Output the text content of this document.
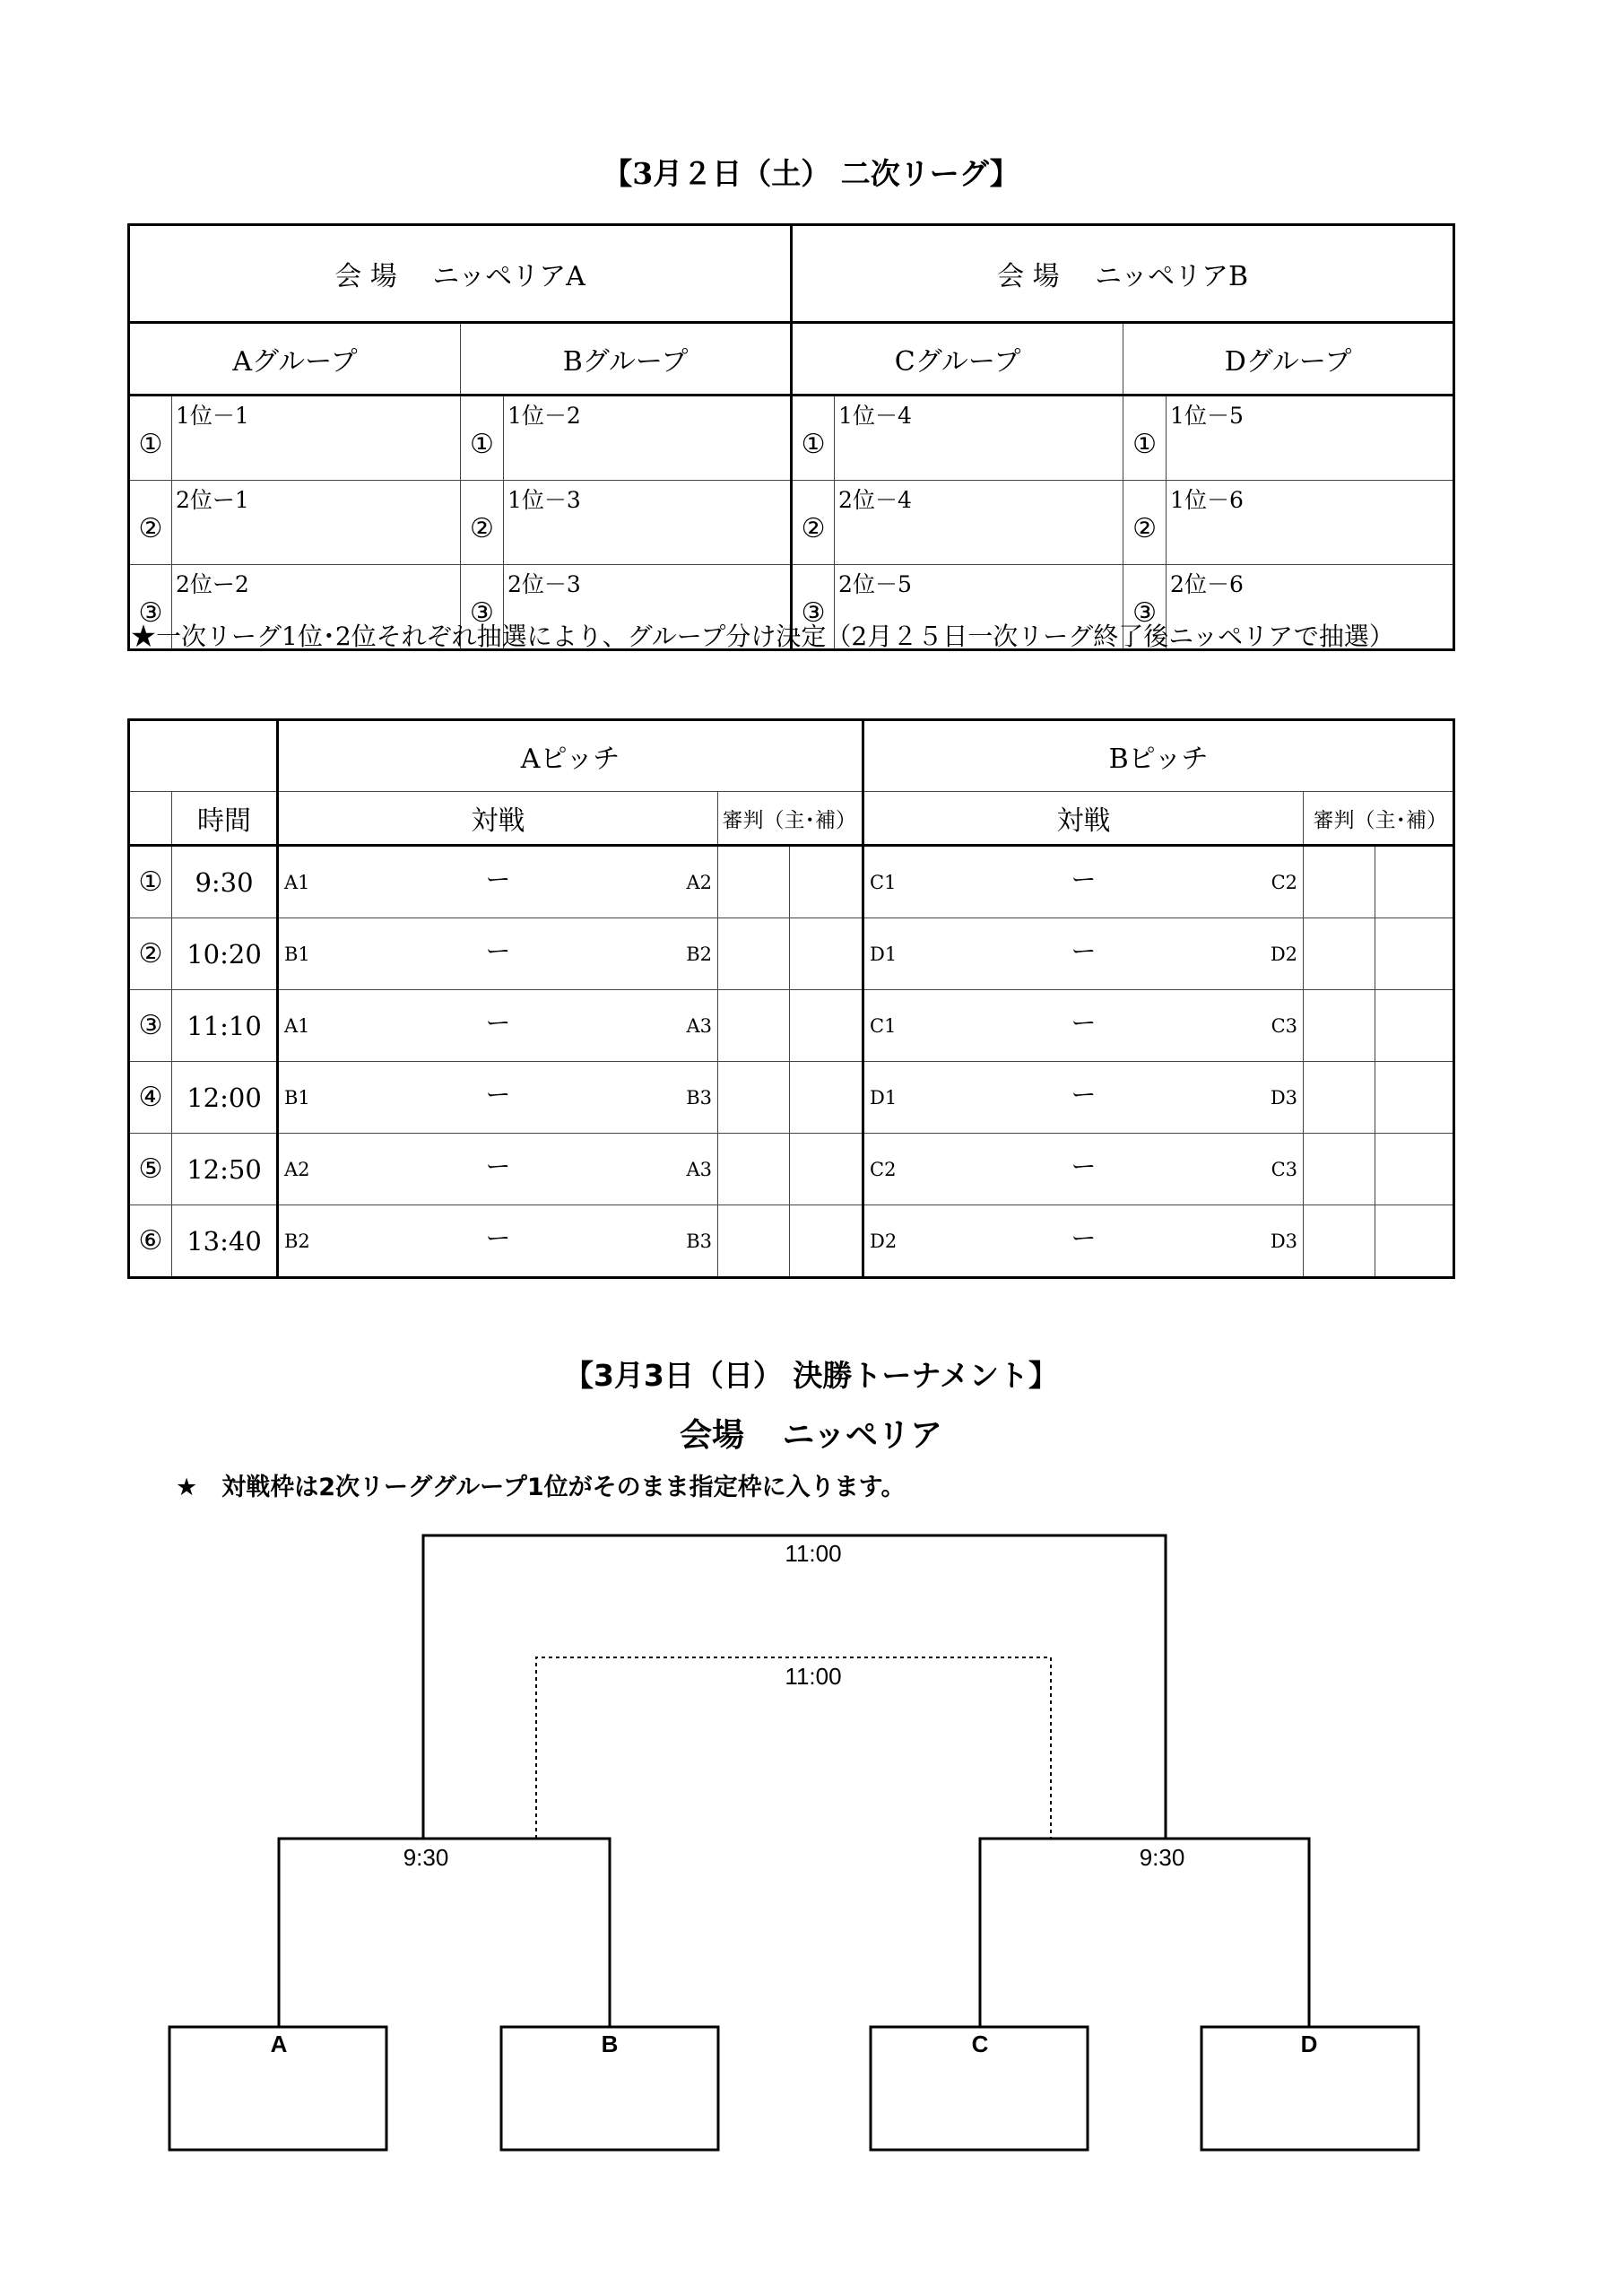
【3月２日（土） 二次リーグ】
会 場　 ニッペリアA				会 場　 ニッペリアB			
Aグループ		Bグループ		Cグループ		Dグループ	
①	1位－1	①	1位－2	①	1位－4	①	1位－5
②	2位ー1	②	1位－3	②	2位－4	②	1位－6
③	2位ー2	③	2位－3	③	2位－5	③	2位－6
★一次リーグ1位･2位それぞれ抽選により、グループ分け決定（2月２５日一次リーグ終了後ニッペリアで抽選）
		Aピッチ			Bピッチ		
	時間	対戦	審判（主･補）		対戦	審判（主･補）	
①	9:30	A1 ー A2			C1 ー C2		

②	10:20	B1 ー B2			D1 ー D2		

③	11:10	A1 ー A3			C1 ー C3		

④	12:00	B1 ー B3			D1 ー D3		

⑤	12:50	A2 ー A3			C2 ー C3		

⑥	13:40	B2 ー B3			D2 ー D3		

【3月3日（日） 決勝トーナメント】
会場 ニッペリア
★　対戦枠は2次リーググループ1位がそのまま指定枠に入ります。
11:00
11:00
9:30	9:30
A	B	C	D
